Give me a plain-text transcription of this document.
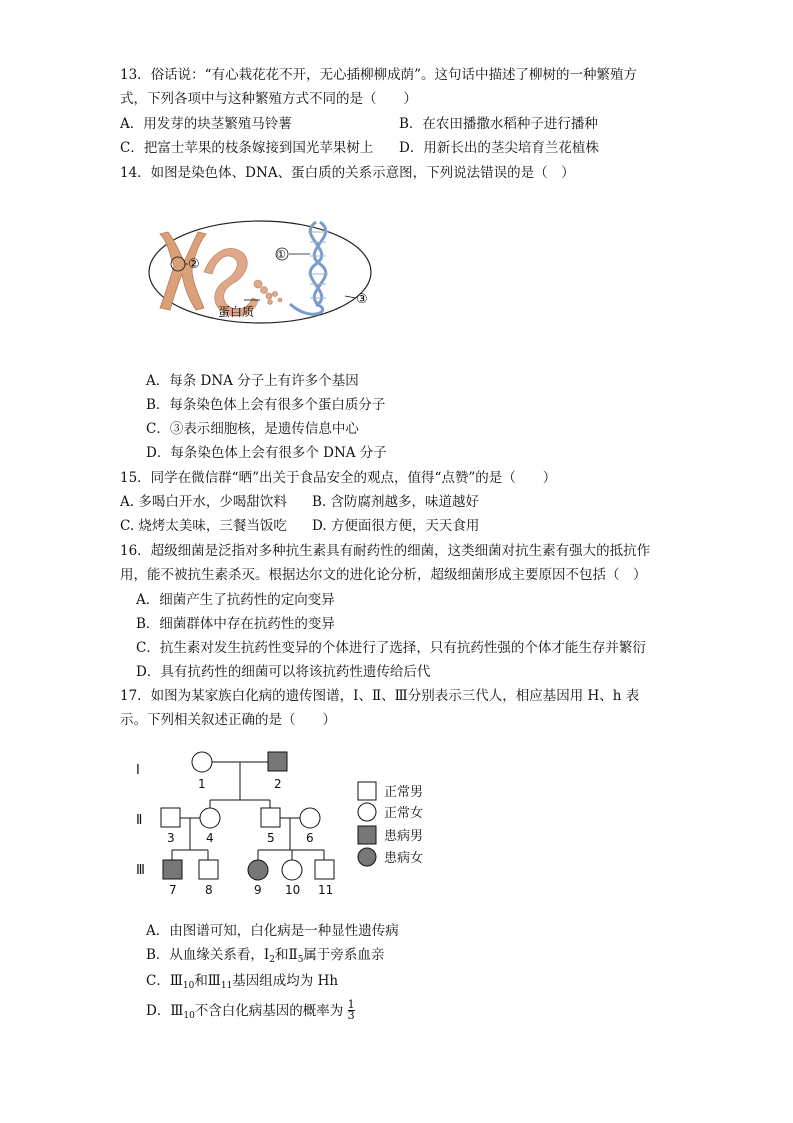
13．俗话说：“有心栽花花不开，无心插柳柳成荫”。这句话中描述了柳树的一种繁殖方
式，下列各项中与这种繁殖方式不同的是（　　）
A．用发芽的块茎繁殖马铃薯	B．在农田播撒水稻种子进行播种
C．把富士苹果的枝条嫁接到国光苹果树上 D．用新长出的茎尖培育兰花植株
14．如图是染色体、DNA、蛋白质的关系示意图，下列说法错误的是（　）
①
②
③
蛋白质
A．每条 DNA 分子上有许多个基因
B．每条染色体上会有很多个蛋白质分子
C．③表示细胞核，是遗传信息中心
D．每条染色体上会有很多个 DNA 分子
15．同学在微信群“晒”出关于食品安全的观点，值得“点赞”的是（　　）
A. 多喝白开水，少喝甜饮料 B. 含防腐剂越多，味道越好
C. 烧烤太美味，三餐当饭吃 D. 方便面很方便，天天食用
16．超级细菌是泛指对多种抗生素具有耐药性的细菌，这类细菌对抗生素有强大的抵抗作
用，能不被抗生素杀灭。根据达尔文的进化论分析，超级细菌形成主要原因不包括（　）
A．细菌产生了抗药性的定向变异
B．细菌群体中存在抗药性的变异
C．抗生素对发生抗药性变异的个体进行了选择，只有抗药性强的个体才能生存并繁衍
D．具有抗药性的细菌可以将该抗药性遗传给后代
17．如图为某家族白化病的遗传图谱，Ⅰ、Ⅱ、Ⅲ分别表示三代人，相应基因用 H、h 表
示。下列相关叙述正确的是（　　）
Ⅰ
Ⅱ
Ⅲ
1	2
3	4	5	6
7 8	9 10 11
正常男
正常女
患病男
患病女
A．由图谱可知，白化病是一种显性遗传病
B．从血缘关系看，$Ⅰ_2$和$Ⅱ_5$属于旁系血亲
C．$Ⅲ_{10}$和$Ⅲ_{11}$基因组成均为 Hh
D．$Ⅲ_{10}$不含白化病基因的概率为 $\frac{1}{3}$
